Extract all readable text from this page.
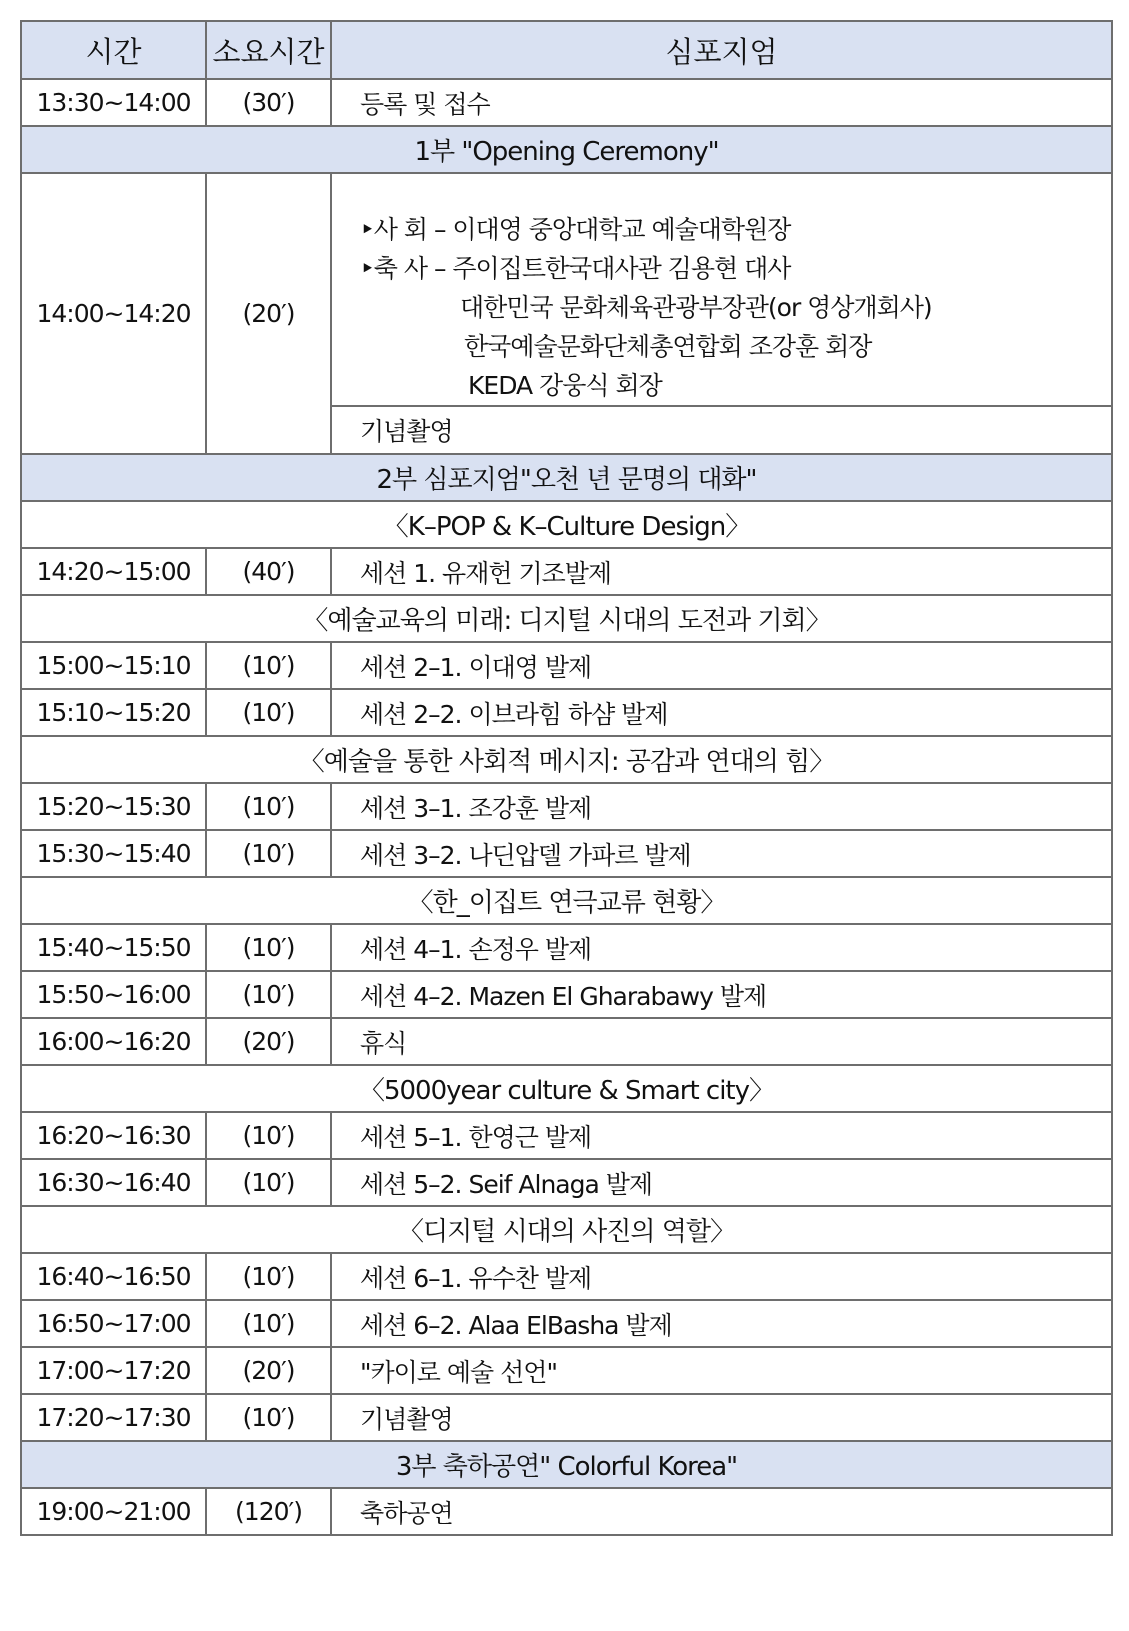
시간	소요시간	심포지엄
13:30~14:00	(30′)	등록 및 접수
1부 "Opening Ceremony"		
14:00~14:20	(20′)	‣사 회 – 이대영 중앙대학교 예술대학원장
‣축 사 – 주이집트한국대사관 김용현 대사
대한민국 문화체육관광부장관(or 영상개회사)
한국예술문화단체총연합회 조강훈 회장
KEDA 강웅식 회장

		기념촬영
2부 심포지엄"오천 년 문명의 대화"		
〈K–POP & K–Culture Design〉		
14:20~15:00	(40′)	세션 1. 유재헌 기조발제
〈예술교육의 미래: 디지털 시대의 도전과 기회〉		
15:00~15:10	(10′)	세션 2–1. 이대영 발제
15:10~15:20	(10′)	세션 2–2. 이브라힘 하샴 발제
〈예술을 통한 사회적 메시지: 공감과 연대의 힘〉		
15:20~15:30	(10′)	세션 3–1. 조강훈 발제
15:30~15:40	(10′)	세션 3–2. 나딘압델 가파르 발제
〈한_이집트 연극교류 현황〉		
15:40~15:50	(10′)	세션 4–1. 손정우 발제
15:50~16:00	(10′)	세션 4–2. Mazen El Gharabawy 발제
16:00~16:20	(20′)	휴식
〈5000year culture & Smart city〉		
16:20~16:30	(10′)	세션 5–1. 한영근 발제
16:30~16:40	(10′)	세션 5–2. Seif Alnaga 발제
〈디지털 시대의 사진의 역할〉		
16:40~16:50	(10′)	세션 6–1. 유수찬 발제
16:50~17:00	(10′)	세션 6–2. Alaa ElBasha 발제
17:00~17:20	(20′)	"카이로 예술 선언"
17:20~17:30	(10′)	기념촬영
3부 축하공연" Colorful Korea"		
19:00~21:00	(120′)	축하공연
